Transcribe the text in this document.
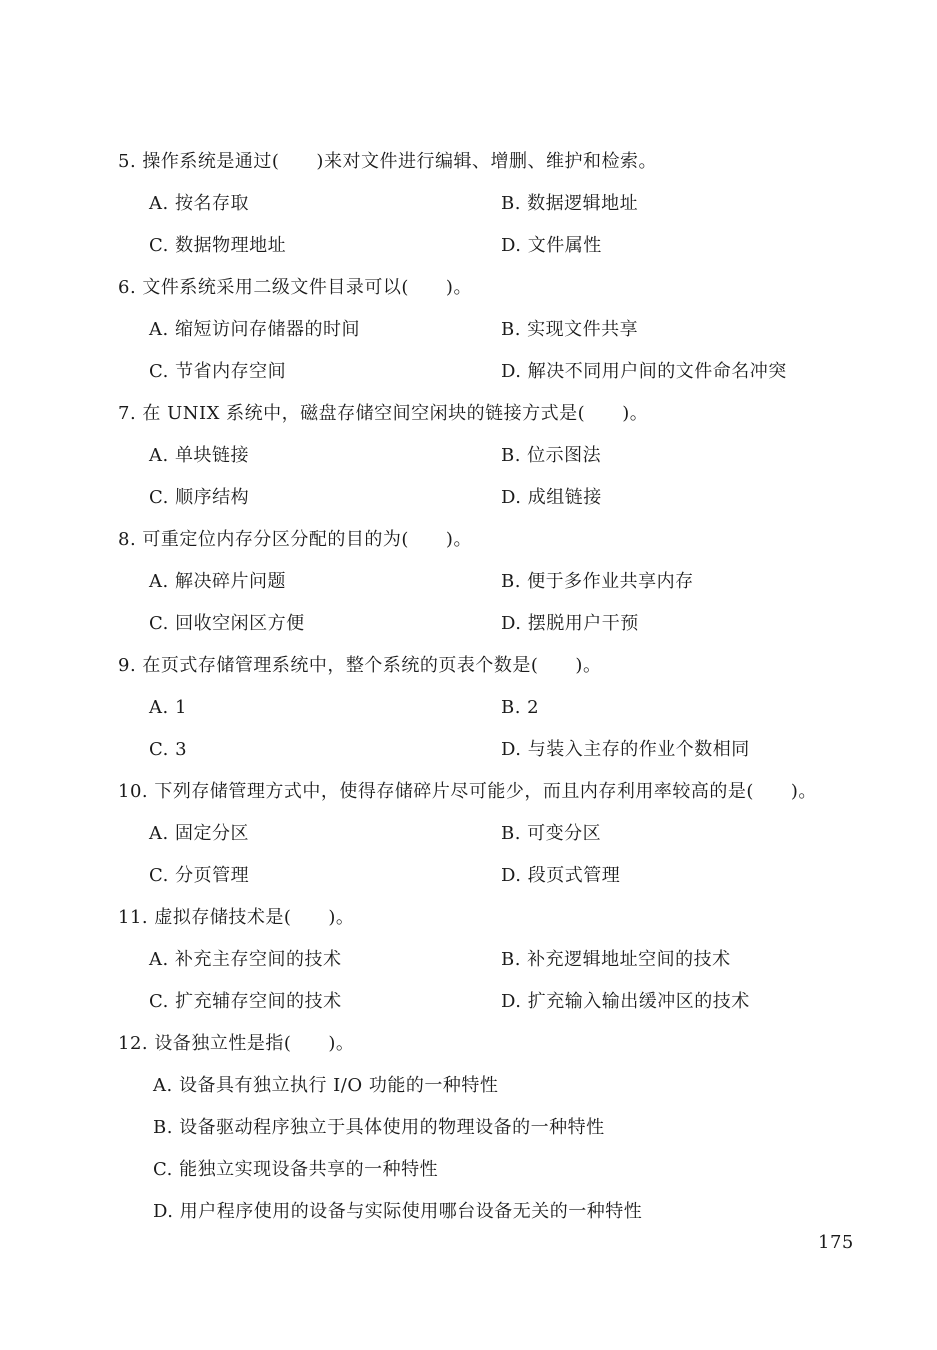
5. 操作系统是通过(　　)来对文件进行编辑、增删、维护和检索。
A. 按名存取	B. 数据逻辑地址
C. 数据物理地址	D. 文件属性
6. 文件系统采用二级文件目录可以(　　)。
A. 缩短访问存储器的时间	B. 实现文件共享
C. 节省内存空间	D. 解决不同用户间的文件命名冲突
7. 在 UNIX 系统中，磁盘存储空间空闲块的链接方式是(　　)。
A. 单块链接	B. 位示图法
C. 顺序结构	D. 成组链接
8. 可重定位内存分区分配的目的为(　　)。
A. 解决碎片问题	B. 便于多作业共享内存
C. 回收空闲区方便	D. 摆脱用户干预
9. 在页式存储管理系统中，整个系统的页表个数是(　　)。
A. 1	B. 2
C. 3	D. 与装入主存的作业个数相同
10. 下列存储管理方式中，使得存储碎片尽可能少，而且内存利用率较高的是(　　)。
A. 固定分区	B. 可变分区
C. 分页管理	D. 段页式管理
11. 虚拟存储技术是(　　)。
A. 补充主存空间的技术	B. 补充逻辑地址空间的技术
C. 扩充辅存空间的技术	D. 扩充输入输出缓冲区的技术
12. 设备独立性是指(　　)。
A. 设备具有独立执行 I/O 功能的一种特性
B. 设备驱动程序独立于具体使用的物理设备的一种特性
C. 能独立实现设备共享的一种特性
D. 用户程序使用的设备与实际使用哪台设备无关的一种特性
175
